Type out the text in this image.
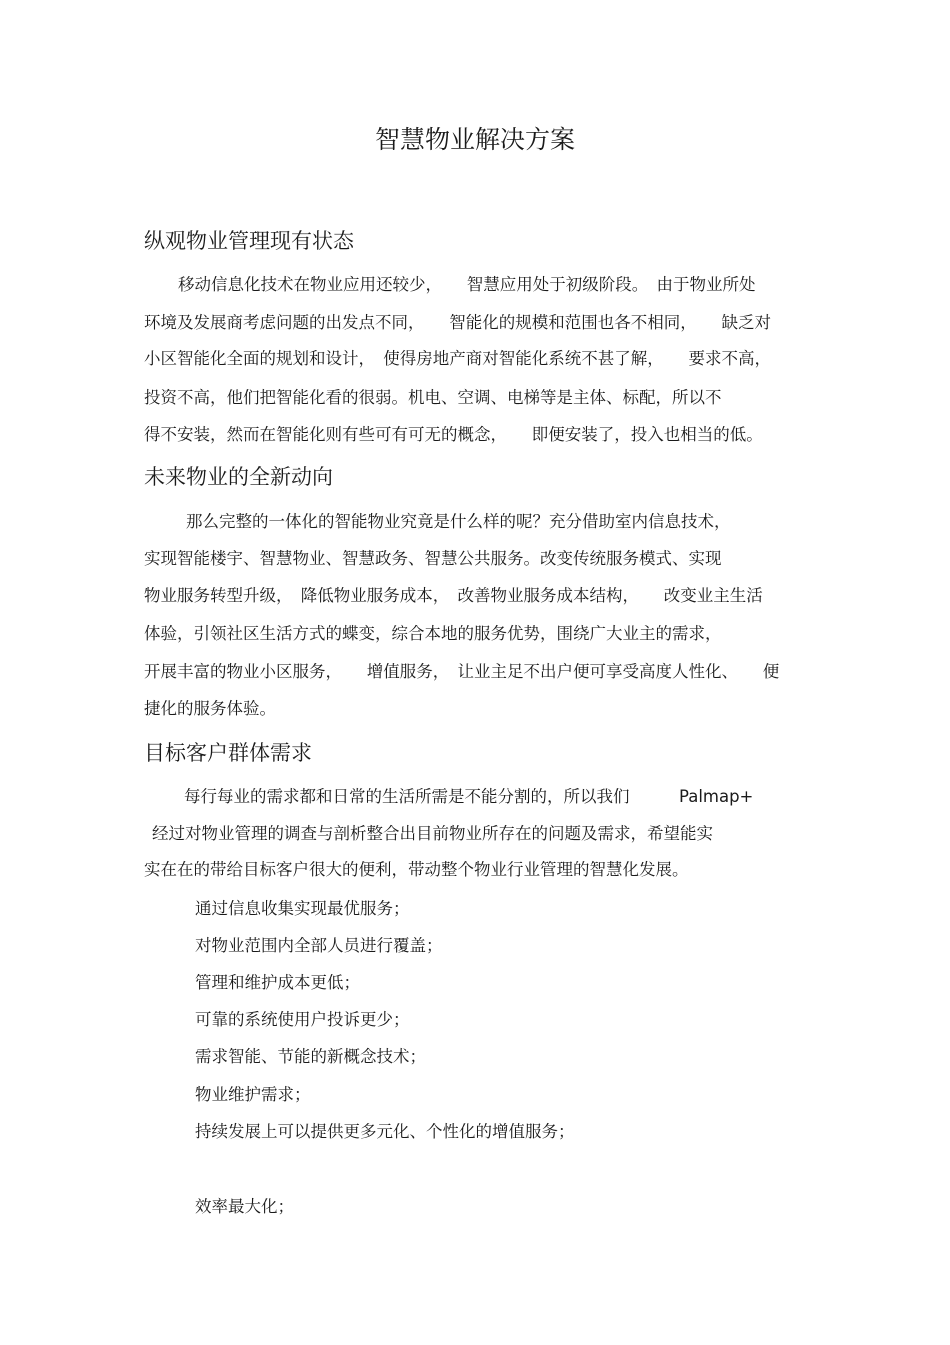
智慧物业解决方案
纵观物业管理现有状态
移动信息化技术在物业应用还较少，　　智慧应用处于初级阶段。　由于物业所处
环境及发展商考虑问题的出发点不同，　　智能化的规模和范围也各不相同，　　缺乏对
小区智能化全面的规划和设计，　使得房地产商对智能化系统不甚了解，　　要求不高，
投资不高，他们把智能化看的很弱。机电、空调、电梯等是主体、标配，所以不
得不安装，然而在智能化则有些可有可无的概念，　　即便安装了，投入也相当的低。
未来物业的全新动向
那么完整的一体化的智能物业究竟是什么样的呢？充分借助室内信息技术，
实现智能楼宇、智慧物业、智慧政务、智慧公共服务。改变传统服务模式、实现
物业服务转型升级，　降低物业服务成本，　改善物业服务成本结构，　　改变业主生活
体验，引领社区生活方式的蝶变，综合本地的服务优势，围绕广大业主的需求，
开展丰富的物业小区服务，　　增值服务，　让业主足不出户便可享受高度人性化、　　便
捷化的服务体验。
目标客户群体需求
每行每业的需求都和日常的生活所需是不能分割的，所以我们　　　Palmap+
经过对物业管理的调查与剖析整合出目前物业所存在的问题及需求，希望能实
实在在的带给目标客户很大的便利，带动整个物业行业管理的智慧化发展。
通过信息收集实现最优服务；
对物业范围内全部人员进行覆盖；
管理和维护成本更低；
可靠的系统使用户投诉更少；
需求智能、节能的新概念技术；
物业维护需求；
持续发展上可以提供更多元化、个性化的增值服务；
效率最大化；
